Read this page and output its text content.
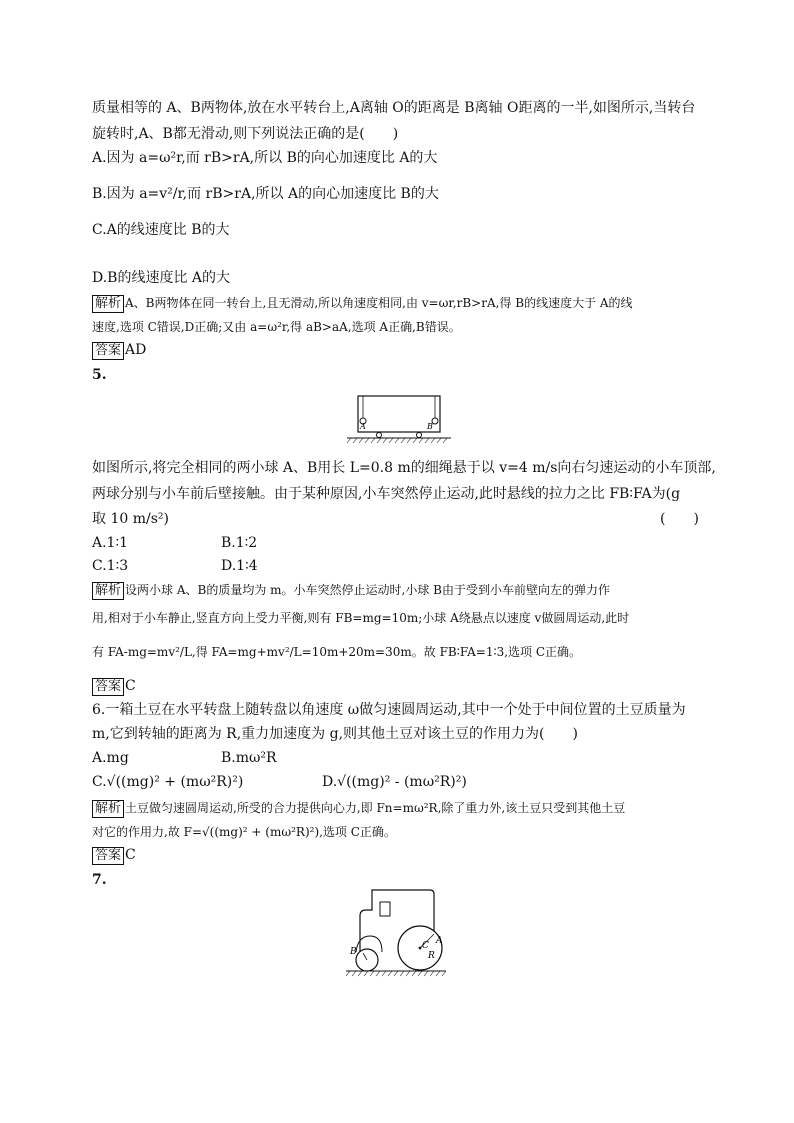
质量相等的 A、B两物体,放在水平转台上,A离轴 O的距离是 B离轴 O距离的一半,如图所示,当转台
旋转时,A、B都无滑动,则下列说法正确的是(　　)
A.因为 a=ω²r,而 rB>rA,所以 B的向心加速度比 A的大
B.因为 a=v²/r,而 rB>rA,所以 A的向心加速度比 B的大
C.A的线速度比 B的大
D.B的线速度比 A的大
解析 A、B两物体在同一转台上,且无滑动,所以角速度相同,由 v=ωr,rB>rA,得 B的线速度大于 A的线
速度,选项 C错误,D正确;又由 a=ω²r,得 aB>aA,选项 A正确,B错误。
答案 AD
5.
A	B
如图所示,将完全相同的两小球 A、B用长 L=0.8 m的细绳悬于以 v=4 m/s向右匀速运动的小车顶部,
两球分别与小车前后壁接触。由于某种原因,小车突然停止运动,此时悬线的拉力之比 FB∶FA为(g
取 10 m/s²)	(　　)
A.1∶1	B.1∶2
C.1∶3	D.1∶4
解析 设两小球 A、B的质量均为 m。小车突然停止运动时,小球 B由于受到小车前壁向左的弹力作
用,相对于小车静止,竖直方向上受力平衡,则有 FB=mg=10m;小球 A绕悬点以速度 v做圆周运动,此时
有 FA-mg=mv²/L,得 FA=mg+mv²/L=10m+20m=30m。故 FB∶FA=1∶3,选项 C正确。
答案 C
6.一箱土豆在水平转盘上随转盘以角速度 ω做匀速圆周运动,其中一个处于中间位置的土豆质量为
m,它到转轴的距离为 R,重力加速度为 g,则其他土豆对该土豆的作用力为(　　)
A.mg	B.mω²R
C.√((mg)² + (mω²R)²)	D.√((mg)² - (mω²R)²)
解析 土豆做匀速圆周运动,所受的合力提供向心力,即 Fn=mω²R,除了重力外,该土豆只受到其他土豆
对它的作用力,故 F=√((mg)² + (mω²R)²),选项 C正确。
答案 C
7.
B
C A
R
